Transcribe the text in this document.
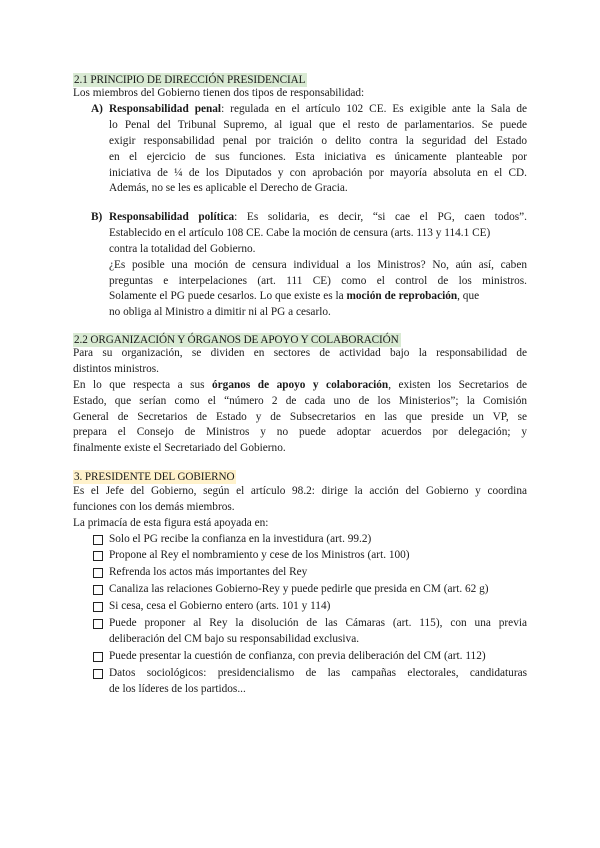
2.1 PRINCIPIO DE DIRECCIÓN PRESIDENCIAL
Los miembros del Gobierno tienen dos tipos de responsabilidad:
A) Responsabilidad penal: regulada en el artículo 102 CE. Es exigible ante la Sala de
lo Penal del Tribunal Supremo, al igual que el resto de parlamentarios. Se puede
exigir responsabilidad penal por traición o delito contra la seguridad del Estado
en el ejercicio de sus funciones. Esta iniciativa es únicamente planteable por
iniciativa de ¼ de los Diputados y con aprobación por mayoría absoluta en el CD.
Además, no se les es aplicable el Derecho de Gracia.
B) Responsabilidad política: Es solidaria, es decir, “si cae el PG, caen todos”.
Establecido en el artículo 108 CE. Cabe la moción de censura (arts. 113 y 114.1 CE)
contra la totalidad del Gobierno.
¿Es posible una moción de censura individual a los Ministros? No, aún así, caben
preguntas e interpelaciones (art. 111 CE) como el control de los ministros.
Solamente el PG puede cesarlos. Lo que existe es la moción de reprobación, que
no obliga al Ministro a dimitir ni al PG a cesarlo.
2.2 ORGANIZACIÓN Y ÓRGANOS DE APOYO Y COLABORACIÓN
Para su organización, se dividen en sectores de actividad bajo la responsabilidad de
distintos ministros.
En lo que respecta a sus órganos de apoyo y colaboración, existen los Secretarios de
Estado, que serían como el “número 2 de cada uno de los Ministerios”; la Comisión
General de Secretarios de Estado y de Subsecretarios en las que preside un VP, se
prepara el Consejo de Ministros y no puede adoptar acuerdos por delegación; y
finalmente existe el Secretariado del Gobierno.
3. PRESIDENTE DEL GOBIERNO
Es el Jefe del Gobierno, según el artículo 98.2: dirige la acción del Gobierno y coordina
funciones con los demás miembros.
La primacía de esta figura está apoyada en:
Solo el PG recibe la confianza en la investidura (art. 99.2)
Propone al Rey el nombramiento y cese de los Ministros (art. 100)
Refrenda los actos más importantes del Rey
Canaliza las relaciones Gobierno-Rey y puede pedirle que presida en CM (art. 62 g)
Si cesa, cesa el Gobierno entero (arts. 101 y 114)
Puede proponer al Rey la disolución de las Cámaras (art. 115), con una previa
deliberación del CM bajo su responsabilidad exclusiva.
Puede presentar la cuestión de confianza, con previa deliberación del CM (art. 112)
Datos sociológicos: presidencialismo de las campañas electorales, candidaturas
de los líderes de los partidos...
